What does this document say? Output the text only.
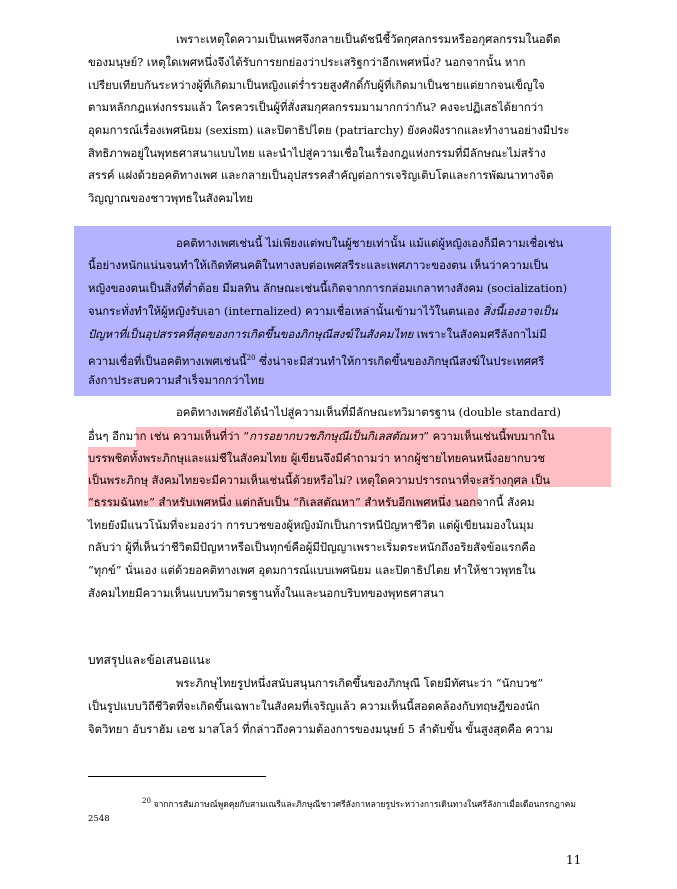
เพราะเหตุใดความเป็นเพศจึงกลายเป็นดัชนีชี้วัดกุศลกรรมหรืออกุศลกรรมในอดีต
ของมนุษย์? เหตุใดเพศหนึ่งจึงได้รับการยกย่องว่าประเสริฐกว่าอีกเพศหนึ่ง? นอกจากนั้น หาก
เปรียบเทียบกันระหว่างผู้ที่เกิดมาเป็นหญิงแต่ร่ำรวยสูงศักดิ์กับผู้ที่เกิดมาเป็นชายแต่ยากจนเข็ญใจ
ตามหลักกฎแห่งกรรมแล้ว ใครควรเป็นผู้ที่สั่งสมกุศลกรรมมามากกว่ากัน? คงจะปฏิเสธได้ยากว่า
อุดมการณ์เรื่องเพศนิยม (sexism) และปิตาธิปไตย (patriarchy) ยังคงฝังรากและทำงานอย่างมีประ
สิทธิภาพอยู่ในพุทธศาสนาแบบไทย และนำไปสู่ความเชื่อในเรื่องกฎแห่งกรรมที่มีลักษณะไม่สร้าง
สรรค์ แฝงด้วยอคติทางเพศ และกลายเป็นอุปสรรคสำคัญต่อการเจริญเติบโตและการพัฒนาทางจิต
วิญญาณของชาวพุทธในสังคมไทย
อคติทางเพศเช่นนี้ ไม่เพียงแต่พบในผู้ชายเท่านั้น แม้แต่ผู้หญิงเองก็มีความเชื่อเช่น
นี้อย่างหนักแน่นจนทำให้เกิดทัศนคติในทางลบต่อเพศสรีระและเพศภาวะของตน เห็นว่าความเป็น
หญิงของตนเป็นสิ่งที่ต่ำต้อย มีมลทิน ลักษณะเช่นนี้เกิดจากการกล่อมเกลาทางสังคม (socialization)
จนกระทั่งทำให้ผู้หญิงรับเอา (internalized) ความเชื่อเหล่านั้นเข้ามาไว้ในตนเอง สิ่งนี้เองอาจเป็น
ปัญหาที่เป็นอุปสรรคที่สุดของการเกิดขึ้นของภิกษุณีสงฆ์ในสังคมไทย เพราะในสังคมศรีลังกาไม่มี
ความเชื่อที่เป็นอคติทางเพศเช่นนี้$^{20}$ ซึ่งน่าจะมีส่วนทำให้การเกิดขึ้นของภิกษุณีสงฆ์ในประเทศศรี
ลังกาประสบความสำเร็จมากกว่าไทย
อคติทางเพศยังได้นำไปสู่ความเห็นที่มีลักษณะทวิมาตรฐาน (double standard)
อื่นๆ อีกมาก เช่น ความเห็นที่ว่า “การอยากบวชภิกษุณีเป็นกิเลสตัณหา” ความเห็นเช่นนี้พบมากใน
บรรพชิตทั้งพระภิกษุและแม่ชีในสังคมไทย ผู้เขียนจึงมีคำถามว่า หากผู้ชายไทยคนหนึ่งอยากบวช
เป็นพระภิกษุ สังคมไทยจะมีความเห็นเช่นนี้ด้วยหรือไม่? เหตุใดความปรารถนาที่จะสร้างกุศล เป็น
“ธรรมฉันทะ” สำหรับเพศหนึ่ง แต่กลับเป็น “กิเลสตัณหา” สำหรับอีกเพศหนึ่ง นอกจากนี้ สังคม
ไทยยังมีแนวโน้มที่จะมองว่า การบวชของผู้หญิงมักเป็นการหนีปัญหาชีวิต แต่ผู้เขียนมองในมุม
กลับว่า ผู้ที่เห็นว่าชีวิตมีปัญหาหรือเป็นทุกข์คือผู้มีปัญญาเพราะเริ่มตระหนักถึงอริยสัจข้อแรกคือ
“ทุกข์” นั่นเอง แต่ด้วยอคติทางเพศ อุดมการณ์แบบเพศนิยม และปิตาธิปไตย ทำให้ชาวพุทธใน
สังคมไทยมีความเห็นแบบทวิมาตรฐานทั้งในและนอกบริบทของพุทธศาสนา
บทสรุปและข้อเสนอแนะ
พระภิกษุไทยรูปหนึ่งสนับสนุนการเกิดขึ้นของภิกษุณี โดยมีทัศนะว่า “นักบวช”
เป็นรูปแบบวิถีชีวิตที่จะเกิดขึ้นเฉพาะในสังคมที่เจริญแล้ว ความเห็นนี้สอดคล้องกับทฤษฎีของนัก
จิตวิทยา อับราฮัม เอช มาสโลว์ ที่กล่าวถึงความต้องการของมนุษย์ 5 ลำดับขั้น ขั้นสูงสุดคือ ความ
$^{20}$ จากการสัมภาษณ์พูดคุยกับสามเณรีและภิกษุณีชาวศรีลังกาหลายรูประหว่างการเดินทางในศรีลังกาเมื่อเดือนกรกฎาคม
2548
11
